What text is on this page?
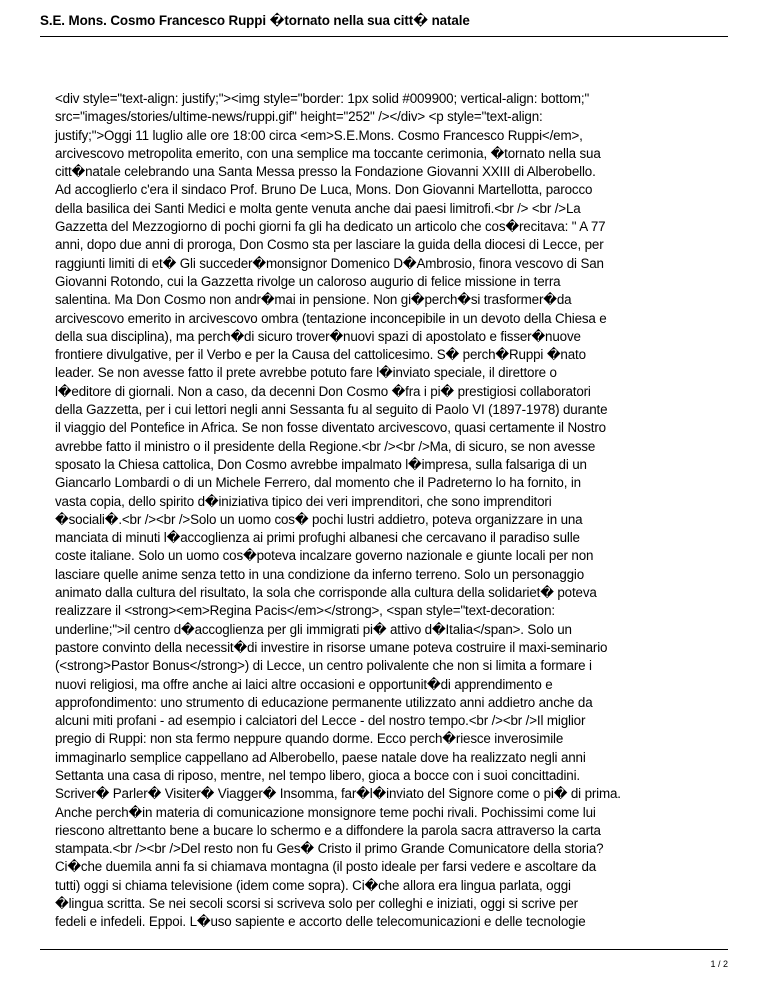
S.E. Mons. Cosmo Francesco Ruppi �tornato nella sua citt� natale
<div style="text-align: justify;"><img style="border: 1px solid #009900; vertical-align: bottom;"
src="images/stories/ultime-news/ruppi.gif" height="252" /></div> <p style="text-align:
justify;">Oggi 11 luglio alle ore 18:00 circa <em>S.E.Mons. Cosmo Francesco Ruppi</em>,
arcivescovo metropolita emerito, con una semplice ma toccante cerimonia, �tornato nella sua
citt�natale celebrando una Santa Messa presso la Fondazione Giovanni XXIII di Alberobello.
Ad accoglierlo c'era il sindaco Prof. Bruno De Luca, Mons. Don Giovanni Martellotta, parocco
della basilica dei Santi Medici e molta gente venuta anche dai paesi limitrofi.<br /> <br />La
Gazzetta del Mezzogiorno di pochi giorni fa gli ha dedicato un articolo che cos�recitava: " A 77
anni, dopo due anni di proroga, Don Cosmo sta per lasciare la guida della diocesi di Lecce, per
raggiunti limiti di et� Gli succeder�monsignor Domenico D�Ambrosio, finora vescovo di San
Giovanni Rotondo, cui la Gazzetta rivolge un caloroso augurio di felice missione in terra
salentina. Ma Don Cosmo non andr�mai in pensione. Non gi�perch�si trasformer�da
arcivescovo emerito in arcivescovo ombra (tentazione inconcepibile in un devoto della Chiesa e
della sua disciplina), ma perch�di sicuro trover�nuovi spazi di apostolato e fisser�nuove
frontiere divulgative, per il Verbo e per la Causa del cattolicesimo. S� perch�Ruppi �nato
leader. Se non avesse fatto il prete avrebbe potuto fare l�inviato speciale, il direttore o
l�editore di giornali. Non a caso, da decenni Don Cosmo �fra i pi� prestigiosi collaboratori
della Gazzetta, per i cui lettori negli anni Sessanta fu al seguito di Paolo VI (1897-1978) durante
il viaggio del Pontefice in Africa. Se non fosse diventato arcivescovo, quasi certamente il Nostro
avrebbe fatto il ministro o il presidente della Regione.<br /><br />Ma, di sicuro, se non avesse
sposato la Chiesa cattolica, Don Cosmo avrebbe impalmato l�impresa, sulla falsariga di un
Giancarlo Lombardi o di un Michele Ferrero, dal momento che il Padreterno lo ha fornito, in
vasta copia, dello spirito d�iniziativa tipico dei veri imprenditori, che sono imprenditori
�sociali�.<br /><br />Solo un uomo cos� pochi lustri addietro, poteva organizzare in una
manciata di minuti l�accoglienza ai primi profughi albanesi che cercavano il paradiso sulle
coste italiane. Solo un uomo cos�poteva incalzare governo nazionale e giunte locali per non
lasciare quelle anime senza tetto in una condizione da inferno terreno. Solo un personaggio
animato dalla cultura del risultato, la sola che corrisponde alla cultura della solidariet� poteva
realizzare il <strong><em>Regina Pacis</em></strong>, <span style="text-decoration:
underline;">il centro d�accoglienza per gli immigrati pi� attivo d�Italia</span>. Solo un
pastore convinto della necessit�di investire in risorse umane poteva costruire il maxi-seminario
(<strong>Pastor Bonus</strong>) di Lecce, un centro polivalente che non si limita a formare i
nuovi religiosi, ma offre anche ai laici altre occasioni e opportunit�di apprendimento e
approfondimento: uno strumento di educazione permanente utilizzato anni addietro anche da
alcuni miti profani - ad esempio i calciatori del Lecce - del nostro tempo.<br /><br />Il miglior
pregio di Ruppi: non sta fermo neppure quando dorme. Ecco perch�riesce inverosimile
immaginarlo semplice cappellano ad Alberobello, paese natale dove ha realizzato negli anni
Settanta una casa di riposo, mentre, nel tempo libero, gioca a bocce con i suoi concittadini.
Scriver� Parler� Visiter� Viagger� Insomma, far�l�inviato del Signore come o pi� di prima.
Anche perch�in materia di comunicazione monsignore teme pochi rivali. Pochissimi come lui
riescono altrettanto bene a bucare lo schermo e a diffondere la parola sacra attraverso la carta
stampata.<br /><br />Del resto non fu Ges� Cristo il primo Grande Comunicatore della storia?
Ci�che duemila anni fa si chiamava montagna (il posto ideale per farsi vedere e ascoltare da
tutti) oggi si chiama televisione (idem come sopra). Ci�che allora era lingua parlata, oggi
�lingua scritta. Se nei secoli scorsi si scriveva solo per colleghi e iniziati, oggi si scrive per
fedeli e infedeli. Eppoi. L�uso sapiente e accorto delle telecomunicazioni e delle tecnologie
1 / 2
